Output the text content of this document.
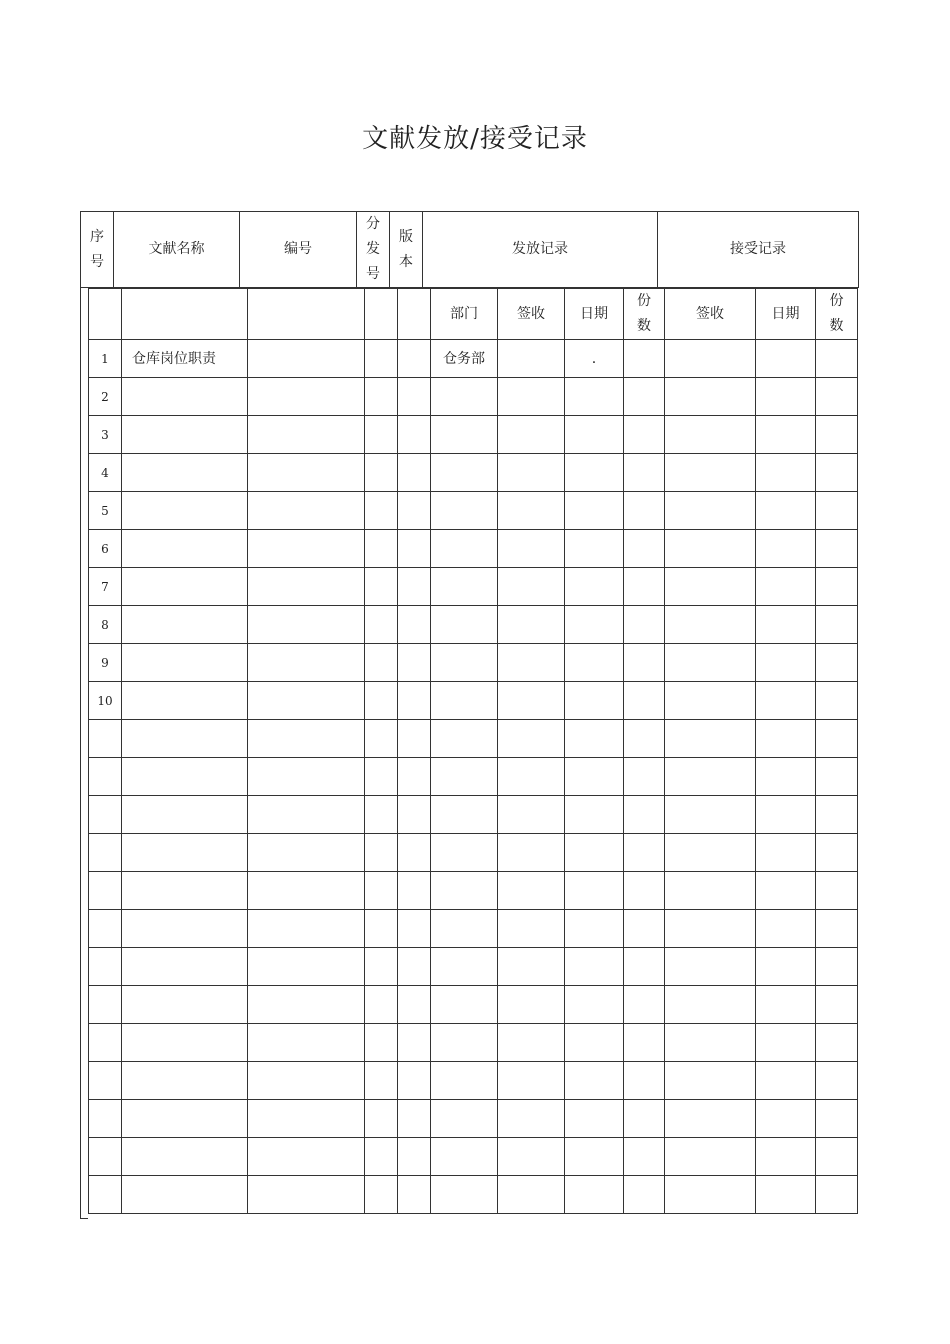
文献发放/接受记录
序号	文献名称	编号	分发号	版本	发放记录	接受记录
					部门	签收	日期	份数	签收	日期	份数
1	仓库岗位职责				仓务部		.				
2											
3											
4											
5											
6											
7											
8											
9											
10											
